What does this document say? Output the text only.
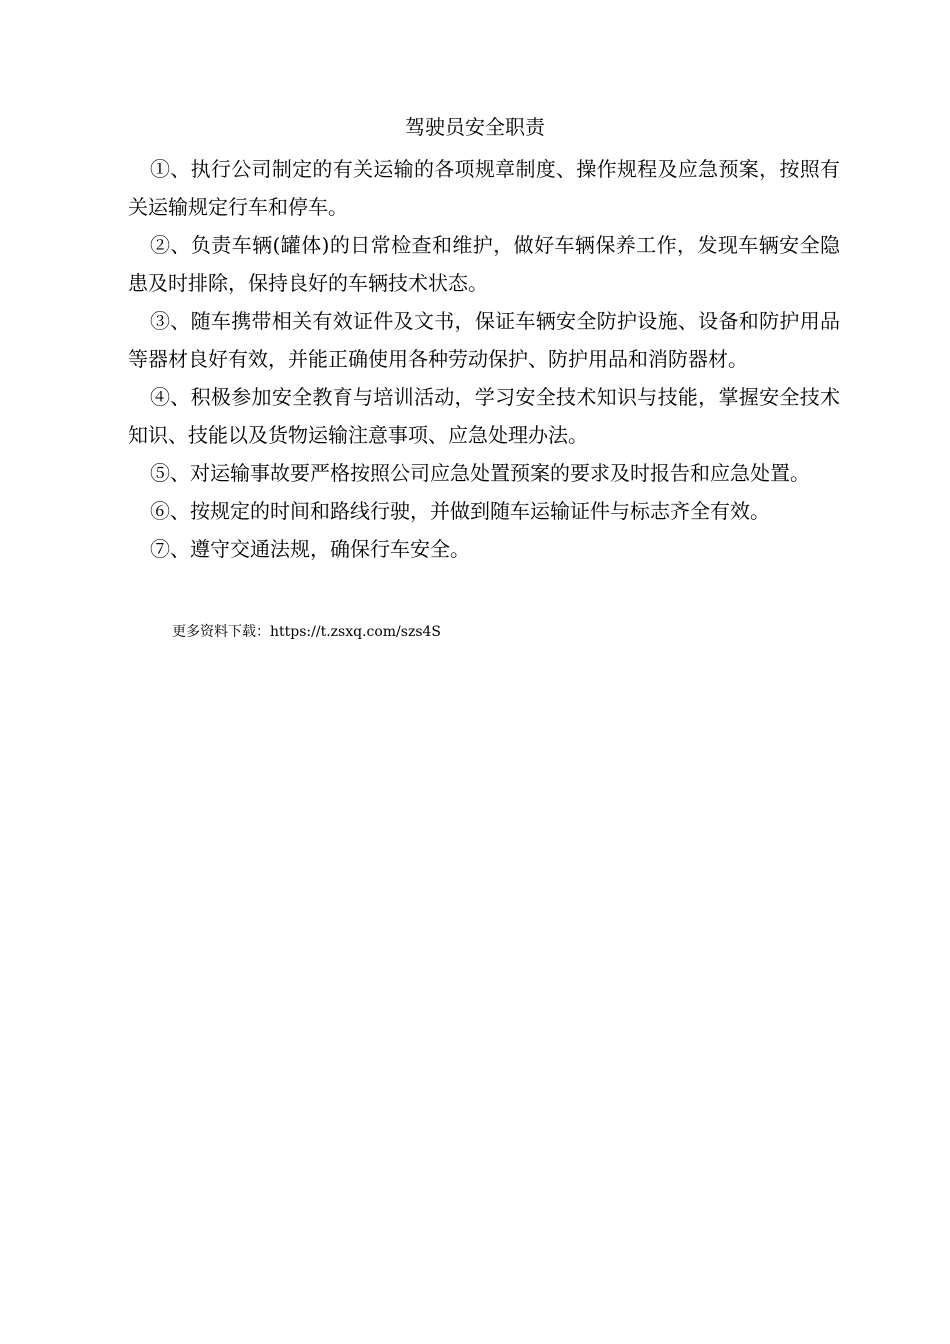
驾驶员安全职责
①、执行公司制定的有关运输的各项规章制度、操作规程及应急预案，按照有关运输规定行车和停车。
②、负责车辆(罐体)的日常检查和维护，做好车辆保养工作，发现车辆安全隐患及时排除，保持良好的车辆技术状态。
③、随车携带相关有效证件及文书，保证车辆安全防护设施、设备和防护用品等器材良好有效，并能正确使用各种劳动保护、防护用品和消防器材。
④、积极参加安全教育与培训活动，学习安全技术知识与技能，掌握安全技术知识、技能以及货物运输注意事项、应急处理办法。
⑤、对运输事故要严格按照公司应急处置预案的要求及时报告和应急处置。
⑥、按规定的时间和路线行驶，并做到随车运输证件与标志齐全有效。
⑦、遵守交通法规，确保行车安全。

更多资料下载：https://t.zsxq.com/szs4S
